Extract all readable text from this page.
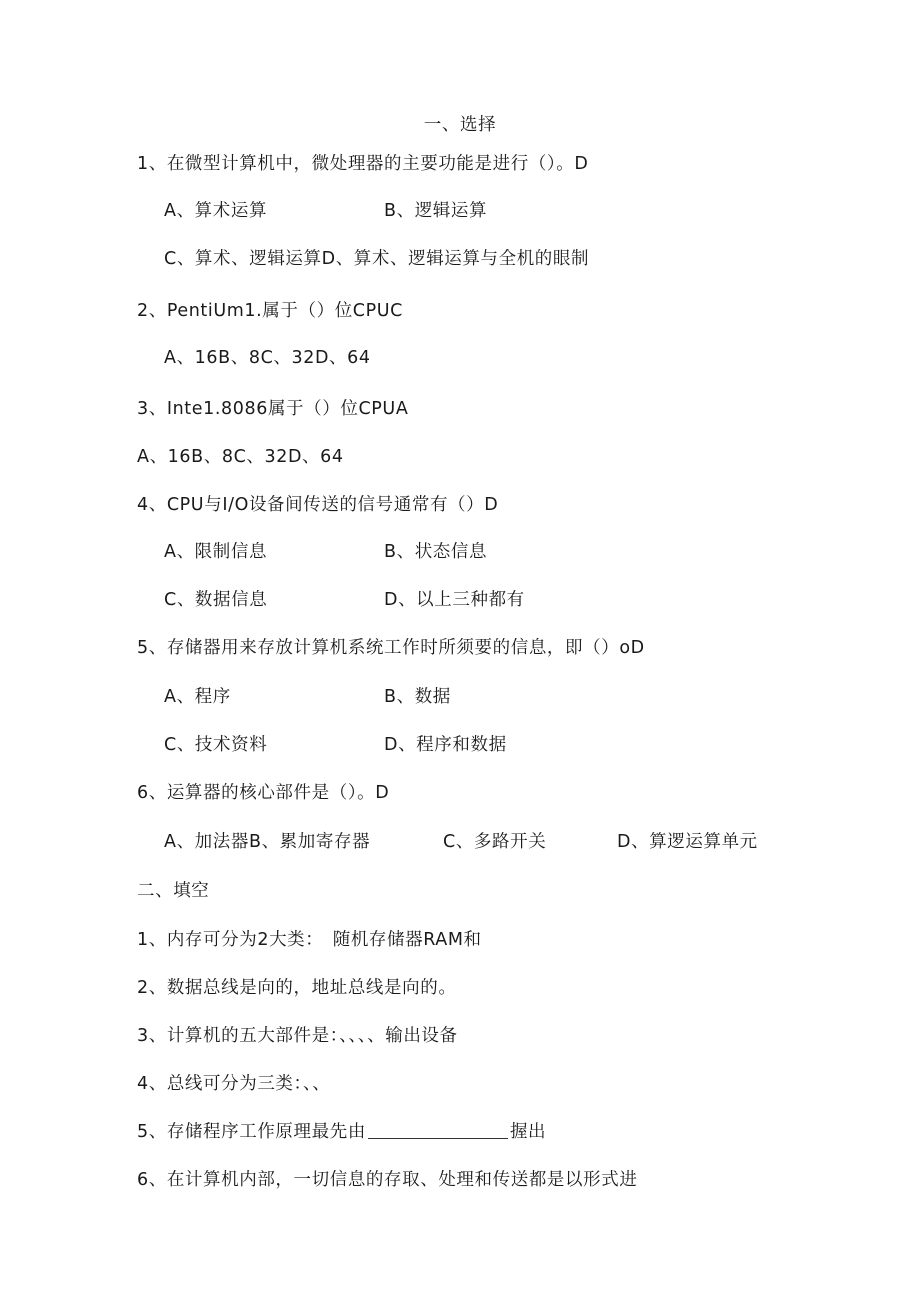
一、选择
1、在微型计算机中，微处理器的主要功能是进行（）。D
A、算术运算	B、逻辑运算
C、算术、逻辑运算D、算术、逻辑运算与全机的眼制
2、PentiUm1.属于（）位CPUC
A、16B、8C、32D、64
3、Inte1.8086属于（）位CPUA
A、16B、8C、32D、64
4、CPU与I/O设备间传送的信号通常有（）D
A、限制信息	B、状态信息
C、数据信息	D、以上三种都有
5、存储器用来存放计算机系统工作时所须要的信息，即（）oD
A、程序	B、数据
C、技术资料	D、程序和数据
6、运算器的核心部件是（）。D
A、加法器B、累加寄存器	C、多路开关	D、算逻运算单元
二、填空
1、内存可分为2大类：　随机存储器RAM和
2、数据总线是向的，地址总线是向的。
3、计算机的五大部件是：、、、、输出设备
4、总线可分为三类：、、
5、存储程序工作原理最先由	握出
6、在计算机内部，一切信息的存取、处理和传送都是以形式进
